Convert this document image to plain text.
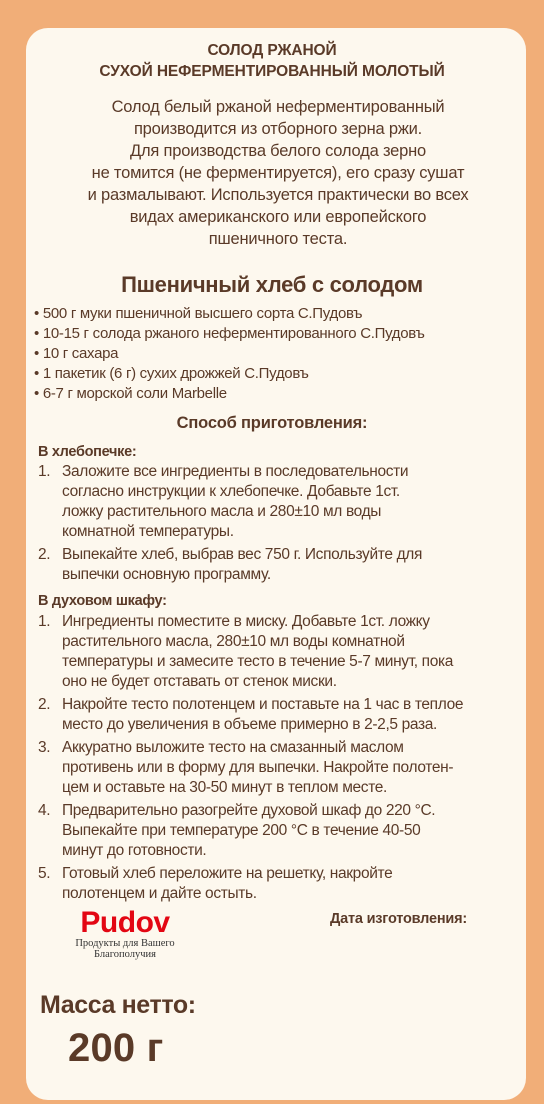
СОЛОД РЖАНОЙ
СУХОЙ НЕФЕРМЕНТИРОВАННЫЙ МОЛОТЫЙ
Солод белый ржаной неферментированный
производится из отборного зерна ржи.
Для производства белого солода зерно
не томится (не ферментируется), его сразу сушат
и размалывают. Используется практически во всех
видах американского или европейского
пшеничного теста.
Пшеничный хлеб с солодом
• 500 г муки пшеничной высшего сорта С.Пудовъ
• 10-15 г солода ржаного неферментированного С.Пудовъ
• 10 г сахара
• 1 пакетик (6 г) сухих дрожжей С.Пудовъ
• 6-7 г морской соли Marbelle
Способ приготовления:
В хлебопечке:
1. Заложите все ингредиенты в последовательности
согласно инструкции к хлебопечке. Добавьте 1ст.
ложку растительного масла и 280±10 мл воды
комнатной температуры.
2. Выпекайте хлеб, выбрав вес 750 г. Используйте для
выпечки основную программу.
В духовом шкафу:
1. Ингредиенты поместите в миску. Добавьте 1ст. ложку
растительного масла, 280±10 мл воды комнатной
температуры и замесите тесто в течение 5-7 минут, пока
оно не будет отставать от стенок миски.
2. Накройте тесто полотенцем и поставьте на 1 час в теплое
место до увеличения в объеме примерно в 2-2,5 раза.
3. Аккуратно выложите тесто на смазанный маслом
противень или в форму для выпечки. Накройте полотен-
цем и оставьте на 30-50 минут в теплом месте.
4. Предварительно разогрейте духовой шкаф до 220 °С.
Выпекайте при температуре 200 °С в течение 40-50
минут до готовности.
5. Готовый хлеб переложите на решетку, накройте
полотенцем и дайте остыть.
Pudov
Продукты для Вашего
Благополучия
Дата изготовления:
Масса нетто:
200 г
